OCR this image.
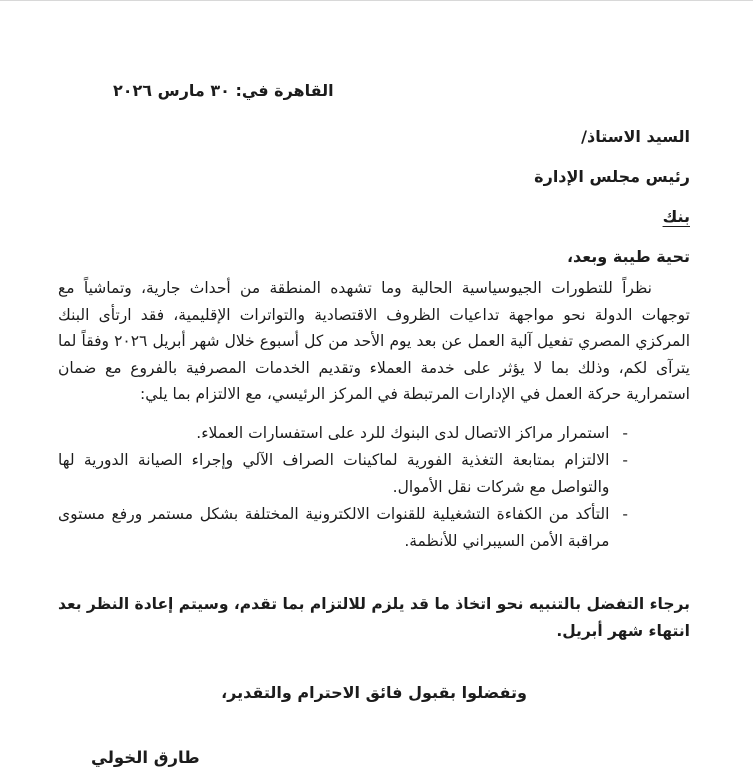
القاهرة في: ٣٠ مارس ٢٠٢٦
السيد الاستاذ/
رئيس مجلس الإدارة
بنك
تحية طيبة وبعد،

نظراً للتطورات الجيوسياسية الحالية وما تشهده المنطقة من أحداث جارية، وتماشياً مع توجهات الدولة نحو مواجهة تداعيات الظروف الاقتصادية والتواترات الإقليمية، فقد ارتأى البنك المركزي المصري تفعيل آلية العمل عن بعد يوم الأحد من كل أسبوع خلال شهر أبريل ٢٠٢٦ وفقاً لما يترآى لكم، وذلك بما لا يؤثر على خدمة العملاء وتقديم الخدمات المصرفية بالفروع مع ضمان استمرارية حركة العمل في الإدارات المرتبطة في المركز الرئيسي، مع الالتزام بما يلي:

-
استمرار مراكز الاتصال لدى البنوك للرد على استفسارات العملاء.
-
الالتزام بمتابعة التغذية الفورية لماكينات الصراف الآلي وإجراء الصيانة الدورية لها والتواصل مع شركات نقل الأموال.
-
التأكد من الكفاءة التشغيلية للقنوات الالكترونية المختلفة بشكل مستمر ورفع مستوى مراقبة الأمن السيبراني للأنظمة.

برجاء التفضل بالتنبيه نحو اتخاذ ما قد يلزم للالتزام بما تقدم، وسيتم إعادة النظر بعد انتهاء شهر أبريل.

وتفضلوا بقبول فائق الاحترام والتقدير،
طارق الخولي
